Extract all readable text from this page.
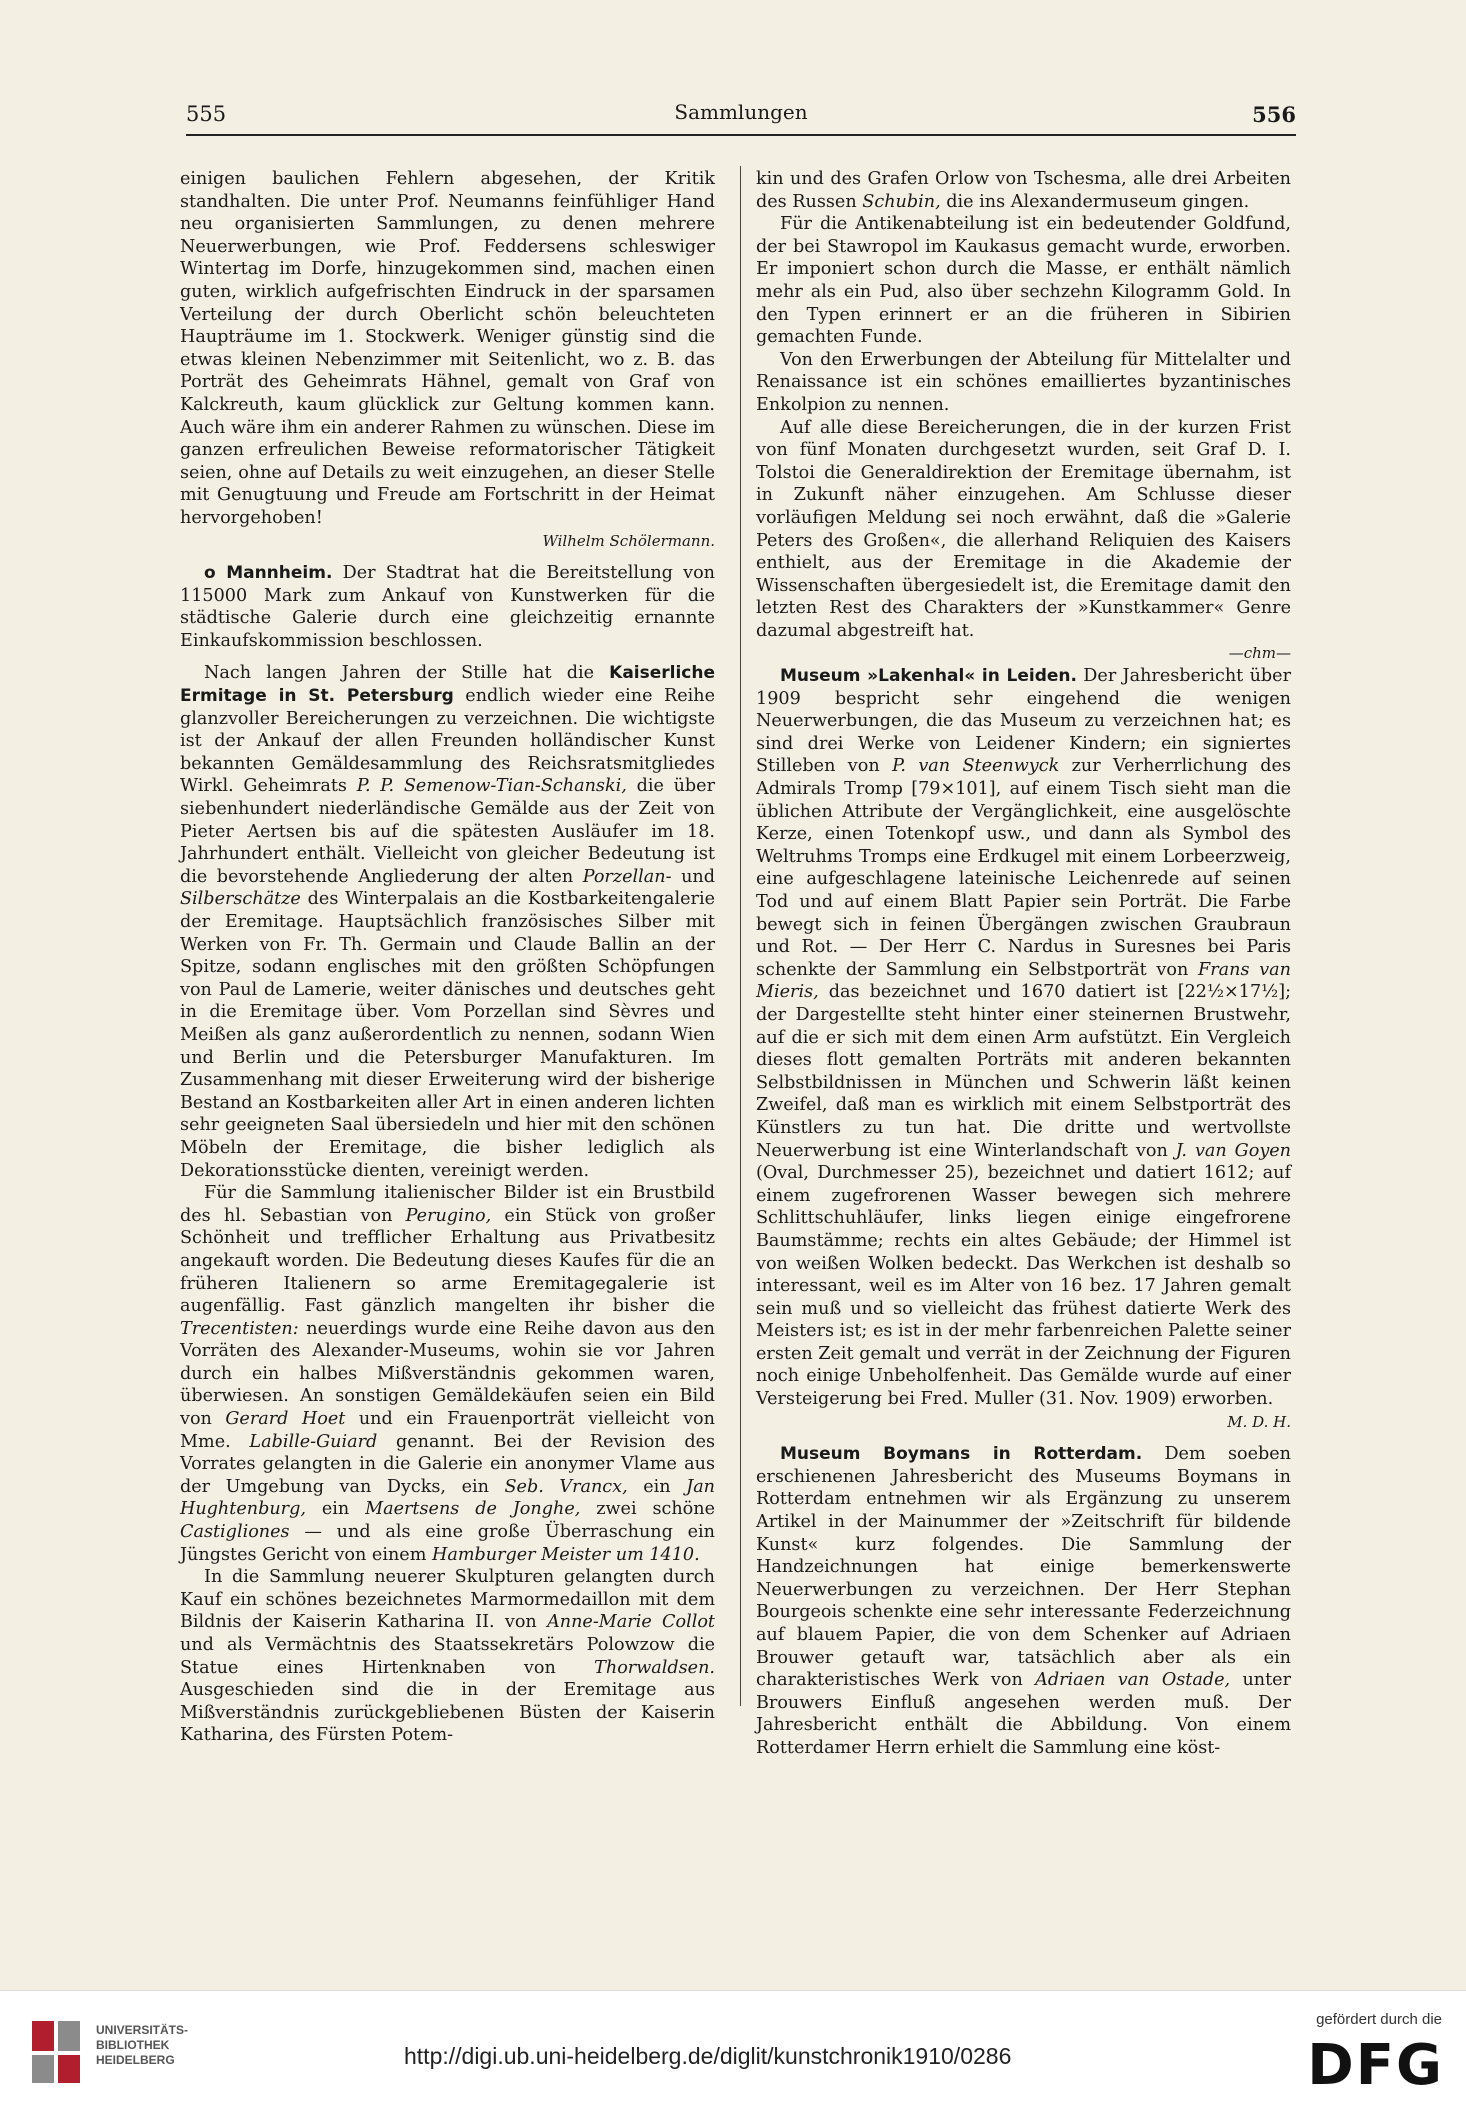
555	Sammlungen	556

einigen baulichen Fehlern abgesehen, der Kritik standhalten. Die unter Prof. Neumanns feinfühliger Hand neu organisierten Sammlungen, zu denen mehrere Neuerwerbungen, wie Prof. Feddersens schleswiger Wintertag im Dorfe, hinzugekommen sind, machen einen guten, wirklich aufgefrischten Eindruck in der sparsamen Verteilung der durch Oberlicht schön beleuchteten Haupträume im 1. Stockwerk. Weniger günstig sind die etwas kleinen Nebenzimmer mit Seitenlicht, wo z. B. das Porträt des Geheimrats Hähnel, gemalt von Graf von Kalckreuth, kaum glücklick zur Geltung kommen kann. Auch wäre ihm ein anderer Rahmen zu wünschen. Diese im ganzen erfreulichen Beweise reformatorischer Tätigkeit seien, ohne auf Details zu weit einzugehen, an dieser Stelle mit Genugtuung und Freude am Fortschritt in der Heimat hervorgehoben!

Wilhelm Schölermann.

o Mannheim. Der Stadtrat hat die Bereitstellung von 115000 Mark zum Ankauf von Kunstwerken für die städtische Galerie durch eine gleichzeitig ernannte Einkaufskommission beschlossen.

Nach langen Jahren der Stille hat die Kaiserliche Ermitage in St. Petersburg endlich wieder eine Reihe glanzvoller Bereicherungen zu verzeichnen. Die wichtigste ist der Ankauf der allen Freunden holländischer Kunst bekannten Gemäldesammlung des Reichsratsmitgliedes Wirkl. Geheimrats P. P. Semenow-Tian-Schanski, die über siebenhundert niederländische Gemälde aus der Zeit von Pieter Aertsen bis auf die spätesten Ausläufer im 18. Jahrhundert enthält. Vielleicht von gleicher Bedeutung ist die bevorstehende Angliederung der alten Porzellan- und Silberschätze des Winterpalais an die Kostbarkeitengalerie der Eremitage. Hauptsächlich französisches Silber mit Werken von Fr. Th. Germain und Claude Ballin an der Spitze, sodann englisches mit den größten Schöpfungen von Paul de Lamerie, weiter dänisches und deutsches geht in die Eremitage über. Vom Porzellan sind Sèvres und Meißen als ganz außerordentlich zu nennen, sodann Wien und Berlin und die Petersburger Manufakturen. Im Zusammenhang mit dieser Erweiterung wird der bisherige Bestand an Kostbarkeiten aller Art in einen anderen lichten sehr geeigneten Saal übersiedeln und hier mit den schönen Möbeln der Eremitage, die bisher lediglich als Dekorationsstücke dienten, vereinigt werden.

Für die Sammlung italienischer Bilder ist ein Brustbild des hl. Sebastian von Perugino, ein Stück von großer Schönheit und trefflicher Erhaltung aus Privatbesitz angekauft worden. Die Bedeutung dieses Kaufes für die an früheren Italienern so arme Eremitagegalerie ist augenfällig. Fast gänzlich mangelten ihr bisher die Trecentisten: neuerdings wurde eine Reihe davon aus den Vorräten des Alexander-Museums, wohin sie vor Jahren durch ein halbes Mißverständnis gekommen waren, überwiesen. An sonstigen Gemäldekäufen seien ein Bild von Gerard Hoet und ein Frauenporträt vielleicht von Mme. Labille-Guiard genannt. Bei der Revision des Vorrates gelangten in die Galerie ein anonymer Vlame aus der Umgebung van Dycks, ein Seb. Vrancx, ein Jan Hughtenburg, ein Maertsens de Jonghe, zwei schöne Castigliones — und als eine große Überraschung ein Jüngstes Gericht von einem Hamburger Meister um 1410.

In die Sammlung neuerer Skulpturen gelangten durch Kauf ein schönes bezeichnetes Marmormedaillon mit dem Bildnis der Kaiserin Katharina II. von Anne-Marie Collot und als Vermächtnis des Staatssekretärs Polowzow die Statue eines Hirtenknaben von Thorwaldsen. Ausgeschieden sind die in der Eremitage aus Mißverständnis zurückgebliebenen Büsten der Kaiserin Katharina, des Fürsten Potem-

kin und des Grafen Orlow von Tschesma, alle drei Arbeiten des Russen Schubin, die ins Alexandermuseum gingen.

Für die Antikenabteilung ist ein bedeutender Goldfund, der bei Stawropol im Kaukasus gemacht wurde, erworben. Er imponiert schon durch die Masse, er enthält nämlich mehr als ein Pud, also über sechzehn Kilogramm Gold. In den Typen erinnert er an die früheren in Sibirien gemachten Funde.

Von den Erwerbungen der Abteilung für Mittelalter und Renaissance ist ein schönes emailliertes byzantinisches Enkolpion zu nennen.

Auf alle diese Bereicherungen, die in der kurzen Frist von fünf Monaten durchgesetzt wurden, seit Graf D. I. Tolstoi die Generaldirektion der Eremitage übernahm, ist in Zukunft näher einzugehen. Am Schlusse dieser vorläufigen Meldung sei noch erwähnt, daß die »Galerie Peters des Großen«, die allerhand Reliquien des Kaisers enthielt, aus der Eremitage in die Akademie der Wissenschaften übergesiedelt ist, die Eremitage damit den letzten Rest des Charakters der »Kunstkammer« Genre dazumal abgestreift hat.

—chm—

Museum »Lakenhal« in Leiden. Der Jahresbericht über 1909 bespricht sehr eingehend die wenigen Neuerwerbungen, die das Museum zu verzeichnen hat; es sind drei Werke von Leidener Kindern; ein signiertes Stilleben von P. van Steenwyck zur Verherrlichung des Admirals Tromp [79×101], auf einem Tisch sieht man die üblichen Attribute der Vergänglichkeit, eine ausgelöschte Kerze, einen Totenkopf usw., und dann als Symbol des Weltruhms Tromps eine Erdkugel mit einem Lorbeerzweig, eine aufgeschlagene lateinische Leichenrede auf seinen Tod und auf einem Blatt Papier sein Porträt. Die Farbe bewegt sich in feinen Übergängen zwischen Graubraun und Rot. — Der Herr C. Nardus in Suresnes bei Paris schenkte der Sammlung ein Selbstporträt von Frans van Mieris, das bezeichnet und 1670 datiert ist [22½×17½]; der Dargestellte steht hinter einer steinernen Brustwehr, auf die er sich mit dem einen Arm aufstützt. Ein Vergleich dieses flott gemalten Porträts mit anderen bekannten Selbstbildnissen in München und Schwerin läßt keinen Zweifel, daß man es wirklich mit einem Selbstporträt des Künstlers zu tun hat. Die dritte und wertvollste Neuerwerbung ist eine Winterlandschaft von J. van Goyen (Oval, Durchmesser 25), bezeichnet und datiert 1612; auf einem zugefrorenen Wasser bewegen sich mehrere Schlittschuhläufer, links liegen einige eingefrorene Baumstämme; rechts ein altes Gebäude; der Himmel ist von weißen Wolken bedeckt. Das Werkchen ist deshalb so interessant, weil es im Alter von 16 bez. 17 Jahren gemalt sein muß und so vielleicht das frühest datierte Werk des Meisters ist; es ist in der mehr farbenreichen Palette seiner ersten Zeit gemalt und verrät in der Zeichnung der Figuren noch einige Unbeholfenheit. Das Gemälde wurde auf einer Versteigerung bei Fred. Muller (31. Nov. 1909) erworben.

M. D. H.

Museum Boymans in Rotterdam. Dem soeben erschienenen Jahresbericht des Museums Boymans in Rotterdam entnehmen wir als Ergänzung zu unserem Artikel in der Mainummer der »Zeitschrift für bildende Kunst« kurz folgendes. Die Sammlung der Handzeichnungen hat einige bemerkenswerte Neuerwerbungen zu verzeichnen. Der Herr Stephan Bourgeois schenkte eine sehr interessante Federzeichnung auf blauem Papier, die von dem Schenker auf Adriaen Brouwer getauft war, tatsächlich aber als ein charakteristisches Werk von Adriaen van Ostade, unter Brouwers Einfluß angesehen werden muß. Der Jahresbericht enthält die Abbildung. Von einem Rotterdamer Herrn erhielt die Sammlung eine köst-

UNIVERSITÄTS-
BIBLIOTHEK
HEIDELBERG	http://digi.ub.uni-heidelberg.de/diglit/kunstchronik1910/0286
gefördert durch die
DFG
